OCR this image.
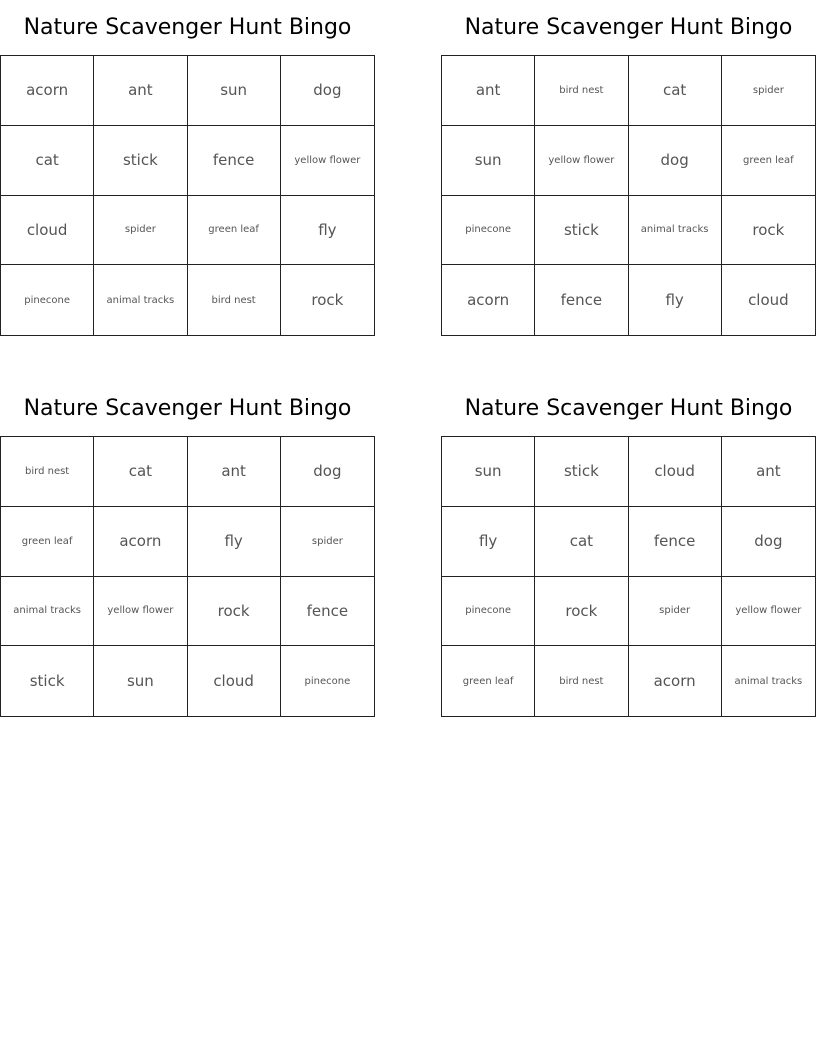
Nature Scavenger Hunt Bingo
acorn	ant	sun	dog
cat	stick	fence	yellow flower
cloud	spider	green leaf	fly
pinecone	animal tracks	bird nest	rock
Nature Scavenger Hunt Bingo
ant	bird nest	cat	spider
sun	yellow flower	dog	green leaf
pinecone	stick	animal tracks	rock
acorn	fence	fly	cloud
Nature Scavenger Hunt Bingo
bird nest	cat	ant	dog
green leaf	acorn	fly	spider
animal tracks	yellow flower	rock	fence
stick	sun	cloud	pinecone
Nature Scavenger Hunt Bingo
sun	stick	cloud	ant
fly	cat	fence	dog
pinecone	rock	spider	yellow flower
green leaf	bird nest	acorn	animal tracks
